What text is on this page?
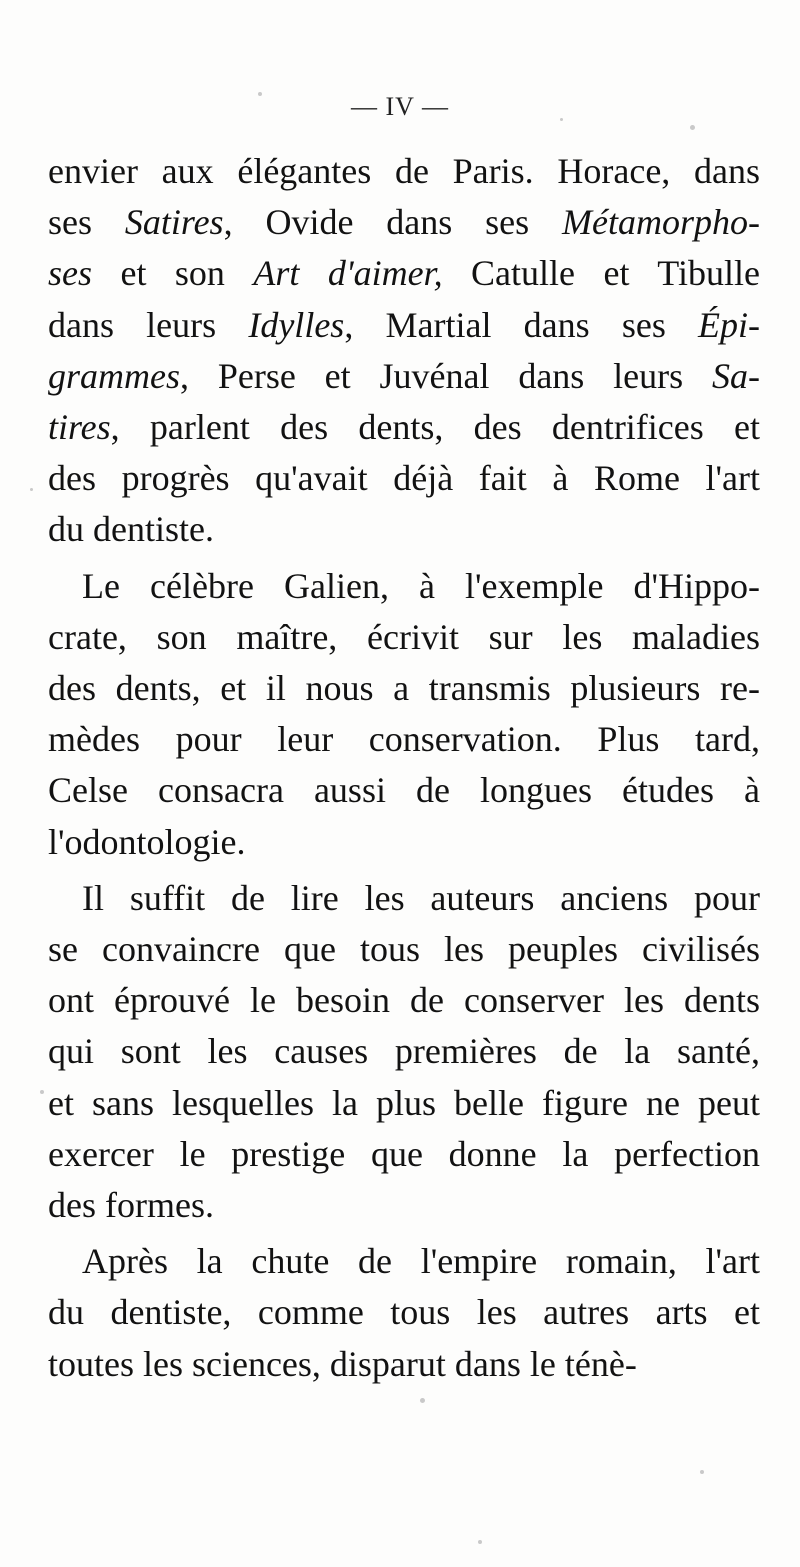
— IV —
envier aux élégantes de Paris. Horace, dans
ses Satires, Ovide dans ses Métamorpho-
ses et son Art d'aimer, Catulle et Tibulle
dans leurs Idylles, Martial dans ses Épi-
grammes, Perse et Juvénal dans leurs Sa-
tires, parlent des dents, des dentrifices et
des progrès qu'avait déjà fait à Rome l'art
du dentiste.
Le célèbre Galien, à l'exemple d'Hippo-
crate, son maître, écrivit sur les maladies
des dents, et il nous a transmis plusieurs re-
mèdes pour leur conservation. Plus tard,
Celse consacra aussi de longues études à
l'odontologie.
Il suffit de lire les auteurs anciens pour
se convaincre que tous les peuples civilisés
ont éprouvé le besoin de conserver les dents
qui sont les causes premières de la santé,
et sans lesquelles la plus belle figure ne peut
exercer le prestige que donne la perfection
des formes.
Après la chute de l'empire romain, l'art
du dentiste, comme tous les autres arts et
toutes les sciences, disparut dans le ténè-
